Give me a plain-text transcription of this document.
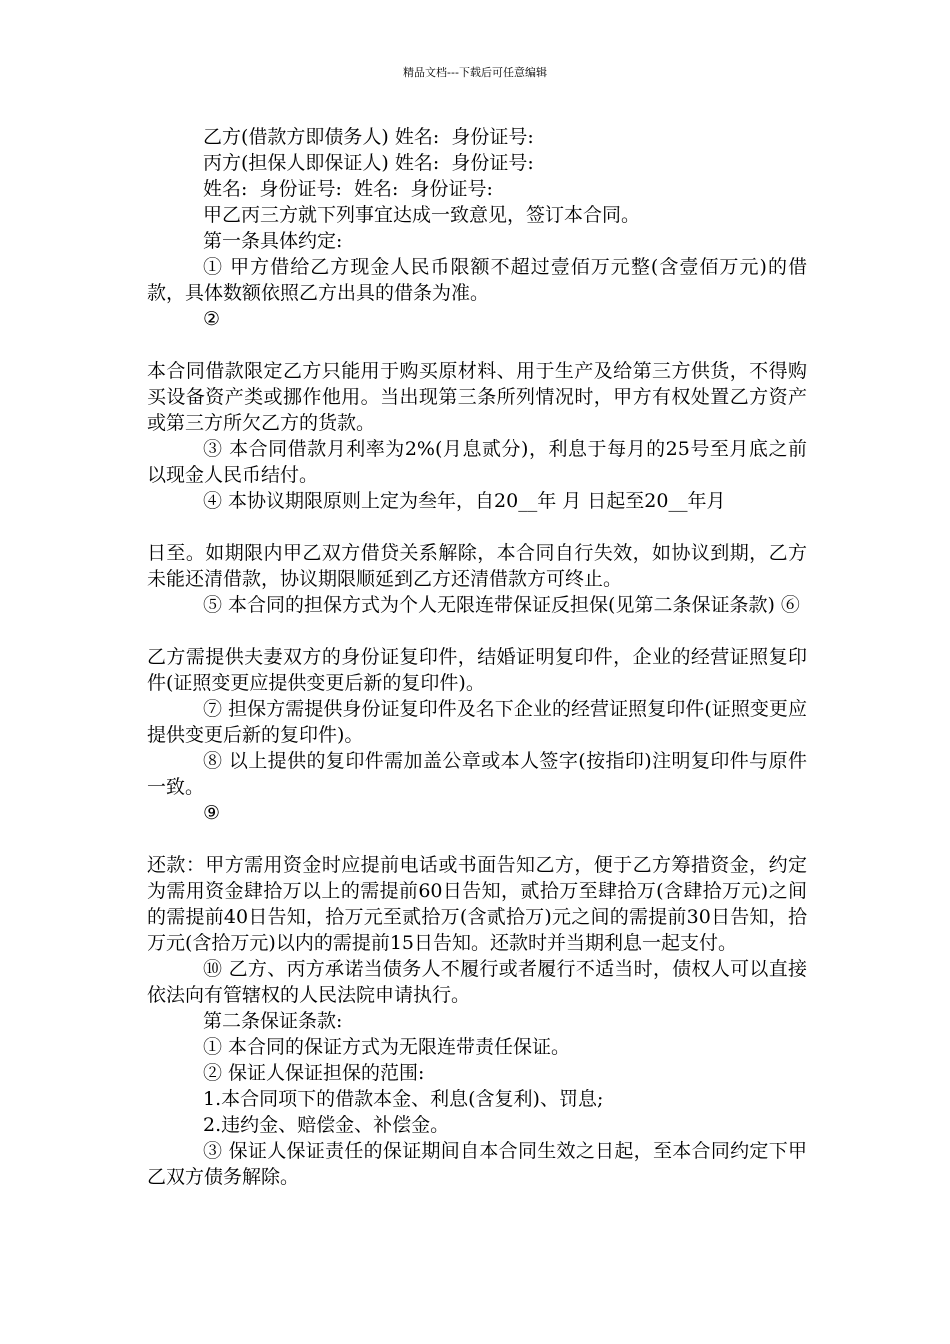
精品文档---下载后可任意编辑

乙方(借款方即债务人) 姓名:  身份证号:

丙方(担保人即保证人) 姓名:  身份证号:

姓名:  身份证号:  姓名:  身份证号:

甲乙丙三方就下列事宜达成一致意见，签订本合同。

第一条具体约定:

① 甲方借给乙方现金人民币限额不超过壹佰万元整(含壹佰万元)的借款，具体数额依照乙方出具的借条为准。

②

本合同借款限定乙方只能用于购买原材料、用于生产及给第三方供货，不得购买设备资产类或挪作他用。当出现第三条所列情况时，甲方有权处置乙方资产或第三方所欠乙方的货款。

③ 本合同借款月利率为2%(月息贰分)，利息于每月的25号至月底之前以现金人民币结付。

④ 本协议期限原则上定为叁年，自20__年 月 日起至20__年月

日至。如期限内甲乙双方借贷关系解除，本合同自行失效，如协议到期，乙方未能还清借款，协议期限顺延到乙方还清借款方可终止。

⑤ 本合同的担保方式为个人无限连带保证反担保(见第二条保证条款) ⑥

乙方需提供夫妻双方的身份证复印件，结婚证明复印件，企业的经营证照复印件(证照变更应提供变更后新的复印件)。

⑦ 担保方需提供身份证复印件及名下企业的经营证照复印件(证照变更应提供变更后新的复印件)。

⑧ 以上提供的复印件需加盖公章或本人签字(按指印)注明复印件与原件一致。

⑨

还款：甲方需用资金时应提前电话或书面告知乙方，便于乙方筹措资金，约定为需用资金肆拾万以上的需提前60日告知，贰拾万至肆拾万(含肆拾万元)之间的需提前40日告知，拾万元至贰拾万(含贰拾万)元之间的需提前30日告知，拾万元(含拾万元)以内的需提前15日告知。还款时并当期利息一起支付。

⑩ 乙方、丙方承诺当债务人不履行或者履行不适当时，债权人可以直接依法向有管辖权的人民法院申请执行。

第二条保证条款:

① 本合同的保证方式为无限连带责任保证。

② 保证人保证担保的范围:

1.本合同项下的借款本金、利息(含复利)、罚息;

2.违约金、赔偿金、补偿金。

③ 保证人保证责任的保证期间自本合同生效之日起，至本合同约定下甲乙双方债务解除。
